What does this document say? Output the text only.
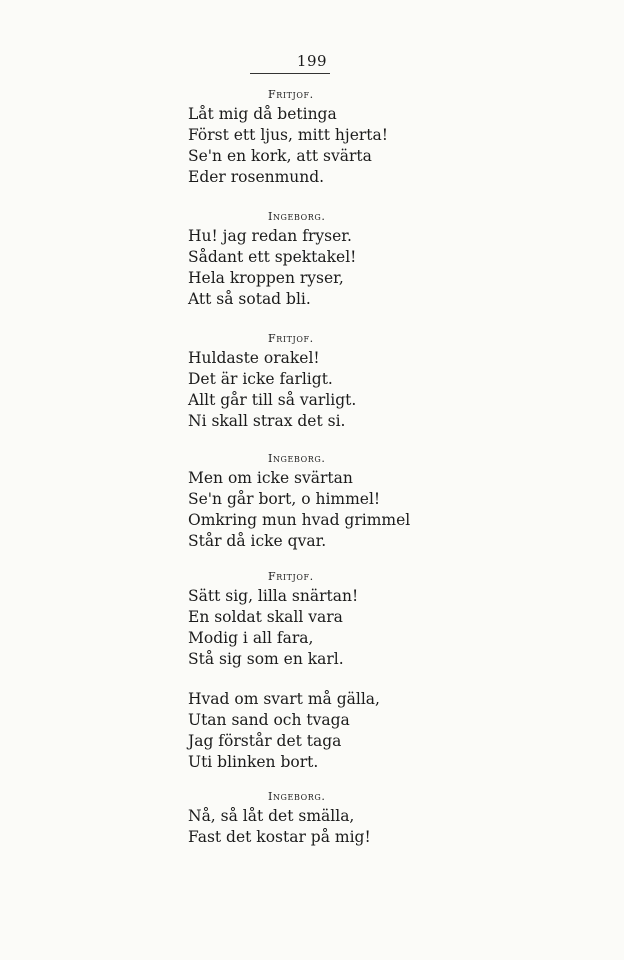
199
Fritjof.
Låt mig då betinga
Först ett ljus, mitt hjerta!
Se'n en kork, att svärta
Eder rosenmund.
Ingeborg.
Hu! jag redan fryser.
Sådant ett spektakel!
Hela kroppen ryser,
Att så sotad bli.
Fritjof.
Huldaste orakel!
Det är icke farligt.
Allt går till så varligt.
Ni skall strax det si.
Ingeborg.
Men om icke svärtan
Se'n går bort, o himmel!
Omkring mun hvad grimmel
Står då icke qvar.
Fritjof.
Sätt sig, lilla snärtan!
En soldat skall vara
Modig i all fara,
Stå sig som en karl.
Hvad om svart må gälla,
Utan sand och tvaga
Jag förstår det taga
Uti blinken bort.
Ingeborg.
Nå, så låt det smälla,
Fast det kostar på mig!
